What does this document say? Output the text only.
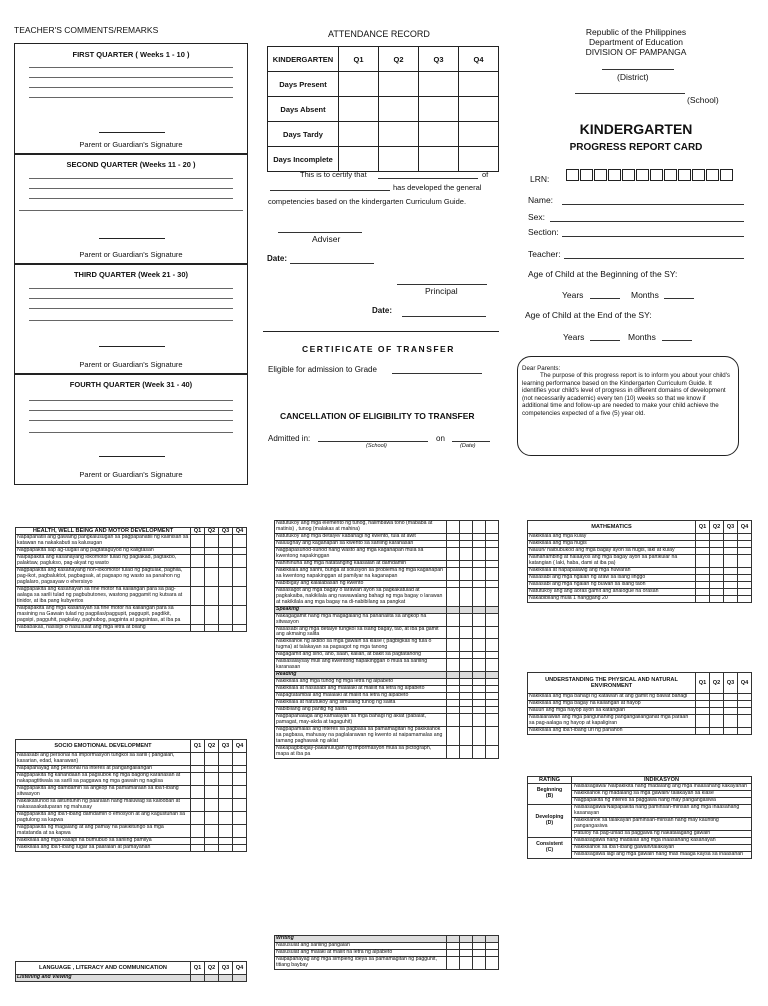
TEACHER'S COMMENTS/REMARKS
FIRST QUARTER ( Weeks 1 - 10 )
Parent or Guardian's Signature
SECOND QUARTER (Weeks 11 - 20 )
Parent or Guardian's Signature
THIRD QUARTER (Week 21 - 30)
Parent or Guardian's Signature
FOURTH QUARTER (Week 31 - 40)
Parent or Guardian's Signature
ATTENDANCE RECORD
KINDERGARTEN	Q1	Q2	Q3	Q4
Days Present				
Days Absent				
Days Tardy				
Days Incomplete				
This is to certify that	of
has developed the general
competencies based on the kindergarten Curriculum Guide.
Adviser
Date:
Principal
Date:
CERTIFICATE OF TRANSFER
Eligible for admission to Grade
CANCELLATION OF ELIGIBILITY TO TRANSFER
Admitted in:	on
(School)	(Date)
Republic of the Philippines
Department of Education
DIVISION OF PAMPANGA
(District)
(School)
KINDERGARTEN
PROGRESS REPORT CARD
LRN:
Name:
Sex:
Section:
Teacher:
Age of Child at the Beginning of the SY:
Years	Months
Age of Child at the End of the SY:
Years	Months
Dear Parents:
The purpose of this progress report is to inform you about your child's learning performance based on the Kindergarten Curriculum Guide. It identifies your child's level of progress in different domains of development (not necessarily academic) every ten (10) weeks so that we know if additional time and follow-up are needed to make your child achieve the competencies expected of a five (5) year old.
HEALTH, WELL BEING AND MOTOR DEVELOPMENT	Q1	Q2	Q3	Q4
Napapanatili ang gawaing pangkalusugan sa pagpapanatili ng kalinisan sa katawan na nakakabuti sa kalusugan				
Nagpapakita sap ag-uugali ang pagtataguyod ng kaligtasan				
Naipapakita ang kasanayang lokomotor tulad ng paglakad, pagtakbo, palaktaw, paglukso, pag-akyat ng wasto				
Nagpapakita ang kasanayang non-lokomotor tulad ng pagtulak, paghila, pag-ikot, pagbaluktot, pagbagsak, at pagsapo ng wasto sa panahon ng paglalaro, pagsayaw o ehersisyo				
Nagpapakita ang kasanayan sa fine motor na kailangan para sa pag-aalaga sa sarili tulad ng pagbubutones, wastong paggamit ng kutsara at tinidor, at iba pang kubyertos				
Naipapakita ang mga kasanayan sa fine motor na kailangan para sa masining na Gawain tulad ng pagpilas/paggupit, paggupit, pagdikit, pagsipi, pagguhit, pagkulay, paghubog, pagpinta at pagsintas, at iba pa				
Nababakas, nasisipi o nasusulat ang mga letra at bilang				
SOCIO EMOTIONAL DEVELOPMENT	Q1	Q2	Q3	Q4
Nasasabi ang personal na impormasyon tungkol sa sarili ( pangalan, kasarian, edad, kaarawan)				
Napapahayag ang personal na interes at pangangailangan				
Nagpapakita ng kahandaan sa pagsubok ng mga bagong karanasan at nakapagtitiwala sa sarili sa paggawa ng mga gawain ng nagiisa				
Nagpapakita ang damdamin sa angkop na pamamaraan sa iba't-ibang sitwasyon				
Nakakasunod sa alituntunin ng paaralan nang maluwag sa kalooban at nakasasakatuparan ng mahusay				
Nagpapakita ang iba't-ibang damdamin o emosyon at ang kagustuhan sa pagtulong sa kapwa				
Nagpapakita ng magalang at ang pamay na pakikitungo sa mga matatanda at sa kapwa				
Nakikilala ang mga kasapi na bumubuo sa sariling pamilya				
Nakikilala ang iba't-ibang lugar sa paaralan at pamayanan				
LANGUAGE , LITERACY AND COMMUNICATION	Q1	Q2	Q3	Q4
Listening and Viewing				
Natutukoy ang mga elemento ng tunog, halimbawa tono (mababa at matinis) , tunog (malakas at mahina)				
Natutukoy ang mga detalye/ kabahagi ng kwento, tula at awit				
Naiuugnay ang kaganapan sa kwento sa sariling karanasan				
Nagpapasunod-sunod nang wasto ang mga kaganapan mula sa kwentong napakinggan				
Nahihinuha ang mga natatanging kaasalan at damdamin				
Nakikilala ang sanhi, bunga at solusyon sa problema ng mga kaganapan sa kwentong napakinggan at pamilyar na kaganapan				
Nabibigay ang kalalabasan ng kwento				
Nasasagot ang mga bagay o larawan ayon sa pagkakatulad at pagkakaiba, nakikilala ang nawawalang bahagi ng mga bagay o larawan at nakikilala ang mga bagay na di-nabibilang sa pangkat				
Speaking				
Nakagagamit nang mga magagalang na pananalita sa angkop na sitwasyon				
Nasasabi ang mga detalye tungkol sa isang bagay, tao, at iba pa gamit ang akmaing salita				
Nakikilahok ng aktibo sa mga gawain sa klase ( pagbigkas ng tula o tugma) at talakayan sa pagsagot ng mga tanong				
Nagagamit ang sino, ano, saan, kailan, at bakit sa pagtatanong				
Naisasalaysay muli ang kwentong napakinggan o mula sa sariling karanasan				
Reading				
Nakikilala ang mga tunog ng mga letra ng alpabeto				
Nakikilala at nasasabi ang malalaki at maliiit na letra ng alpabeto				
Napagtatambal ang malalaki at maliit na letra ng alpabeto				
Nakikilala at natutukoy ang simulang tunog ng salita				
Nabibilang ang pantig ng salita				
Nagpapahalaga ang kamalayan sa mga bahagi ng aklat (pabalat, pamagat, may-akda at tagaguhit)				
Nagpapamalas ang interes sa pagbasa sa pamamagitan ng pakikilahok sa pagbasa, mahusay na paglalarawan ng kwento at naipamamalas ang tamang paghawak ng aklat				
Nakapagbibigay-pakahulugan ng impormasyon mula sa pictograph, mapa at iba pa				
Writing				
Nasusulat ang sariling pangalan				
Nasusulat ang malaki at maliit na letra ng alpabeto				
Naipapahayag ang mga simpleng ideya sa pamamagitan ng pagguhit, titiang baybay				
MATHEMATICS	Q1	Q2	Q3	Q4
Nakikilala ang mga kulay				
Nakikilala ang mga hugis				
Nauuri/ naibubukod ang mga bagay ayon sa hugis, laki at kulay				
Naihahambing at naiaayos ang mga bagay ayon sa partikular na katangian ( laki, haba, dami at iba pa)				
Nakikilala at napapalawig ang mga huwaran				
Nasasabi ang mga ngalan ng araw sa isang linggo				
Nasasabi ang mga ngalan ng buwan sa isang taon				
Natutukoy ang ang aoras gamit ang analogue na orasan				
Nakabibilang mula 1 hanggang 20				
UNDERSTANDING THE PHYSICAL AND NATURAL ENVIRONMENT	Q1	Q2	Q3	Q4
Nakikilala ang mga bahagi ng katawan at ang gamit ng bawat bahagi				
Nakikilala ang mga bagay na kailangan at hayop				
Nauuri ang mga hayop ayon sa katangian				
Naisalarawan ang mga pangunahing pangangailanganat mga paraan sa pag-aalaga ng hayop at kapaligiran				
Nakikilala ang iba't-ibang uri ng panahon				
RATING	INDIKASYON

Beginning
(B)	Naisasagawa/ Naipakikita nang madalang ang mga inaasahang kakayahan
	Nakikilahok ng madalang sa mga gawain/ talakayan sa klase
	Nagpapakita ng interes sa paggawa nang may pangangasiwa

Developing
(D)	Naisasagawa/Naipapakita nang paminsan-minsan ang mga inaasahang kasanayan
	Nakikilahok sa talakayan paminsan-minsan nang may kaunting pangangasiwa
	Patuloy na pag-unlad sa paggawa ng nakatalagang gawain

Consistent
(C)	Naisasagawa nang madalas ang mga inaasahang kasanayan
	Nakikilahok sa iba't-ibang gawain/talakayan
	Naisasagawa lagi ang mga gawain nang mas maaga kaysa sa inaasahan
